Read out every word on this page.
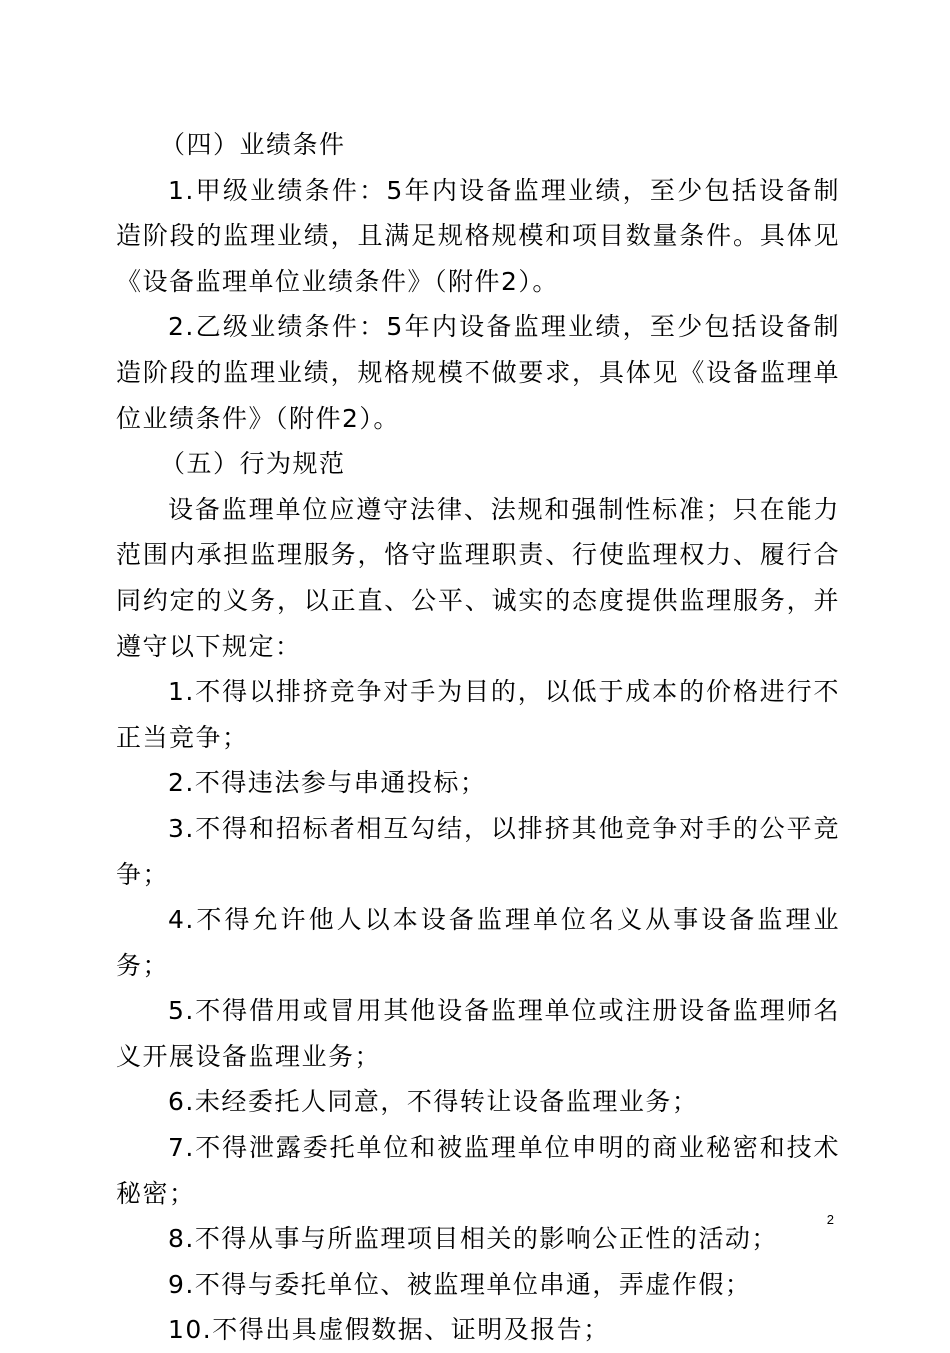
（四）业绩条件

1.甲级业绩条件：5年内设备监理业绩，至少包括设备制造阶段的监理业绩，且满足规格规模和项目数量条件。具体见《设备监理单位业绩条件》（附件2）。

2.乙级业绩条件：5年内设备监理业绩，至少包括设备制造阶段的监理业绩，规格规模不做要求，具体见《设备监理单位业绩条件》（附件2）。

（五）行为规范

设备监理单位应遵守法律、法规和强制性标准；只在能力范围内承担监理服务，恪守监理职责、行使监理权力、履行合同约定的义务，以正直、公平、诚实的态度提供监理服务，并遵守以下规定：

1.不得以排挤竞争对手为目的，以低于成本的价格进行不正当竞争；

2.不得违法参与串通投标；

3.不得和招标者相互勾结，以排挤其他竞争对手的公平竞争；

4.不得允许他人以本设备监理单位名义从事设备监理业务；

5.不得借用或冒用其他设备监理单位或注册设备监理师名义开展设备监理业务；

6.未经委托人同意，不得转让设备监理业务；

7.不得泄露委托单位和被监理单位申明的商业秘密和技术秘密；

8.不得从事与所监理项目相关的影响公正性的活动；

9.不得与委托单位、被监理单位串通，弄虚作假；

10.不得出具虚假数据、证明及报告；

2
